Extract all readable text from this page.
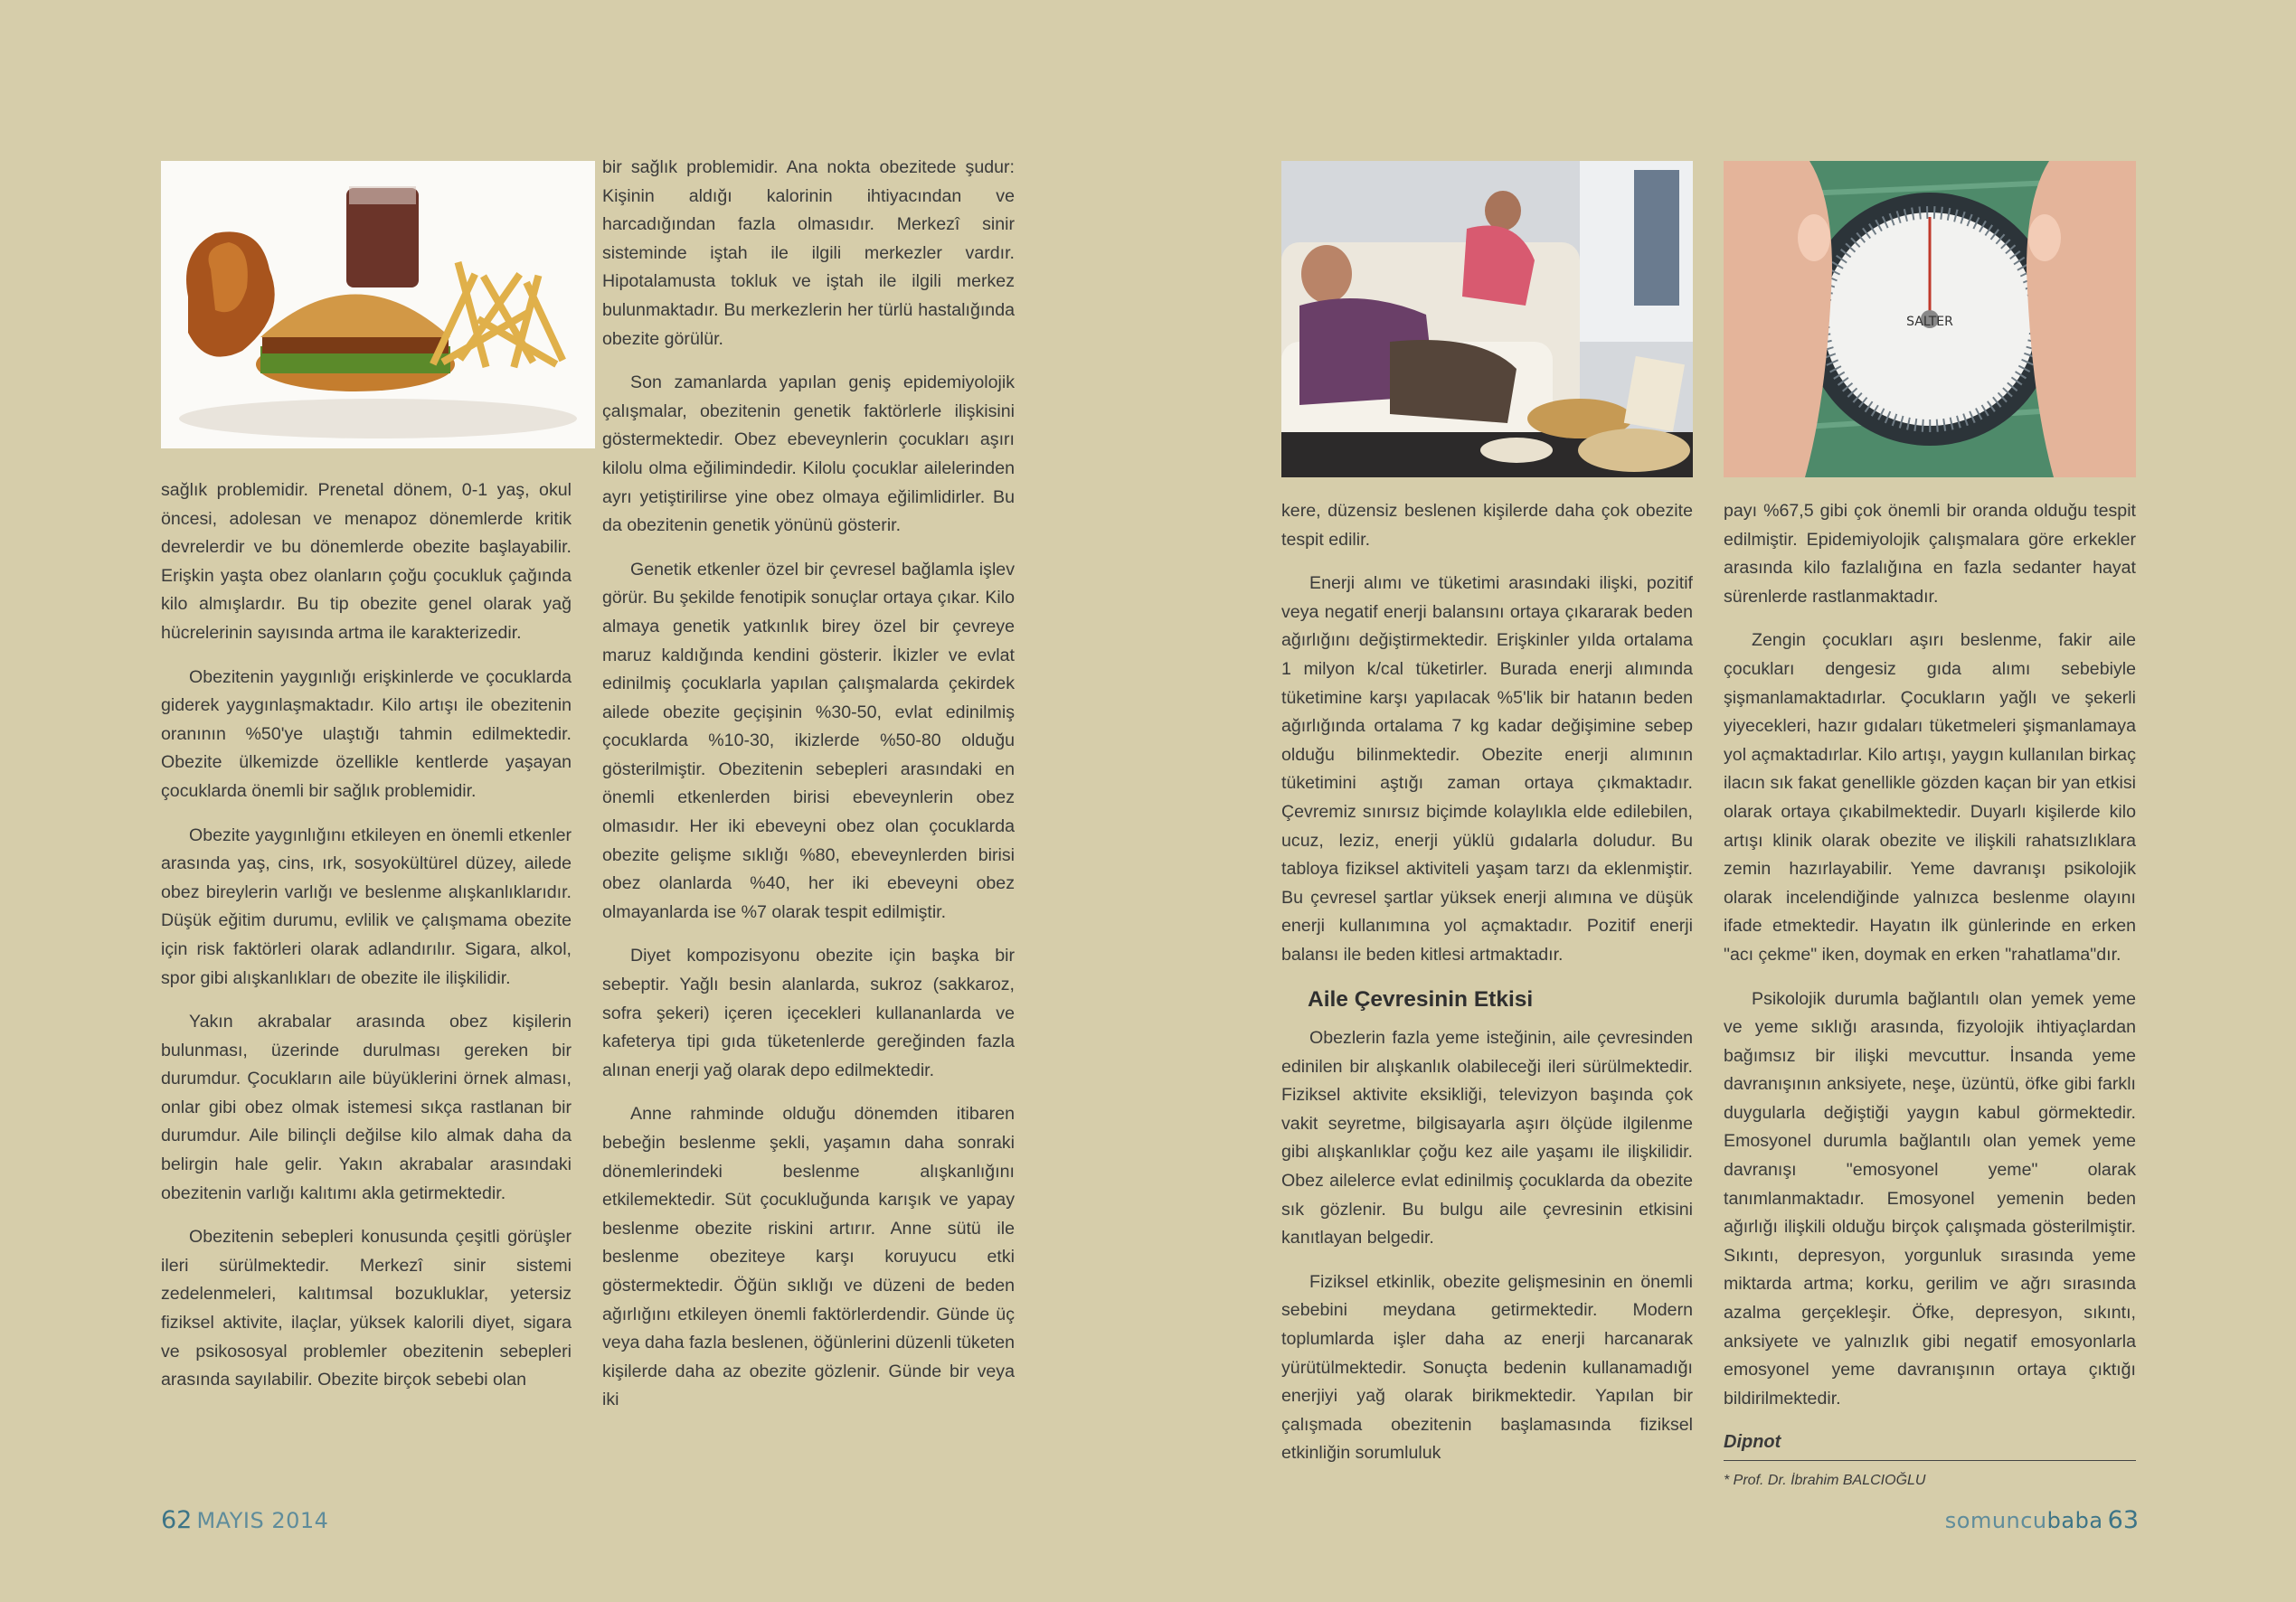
sağlık problemidir. Prenetal dönem, 0-1 yaş, okul öncesi, adolesan ve menapoz dönemlerde kritik devrelerdir ve bu dönemlerde obezite başlayabilir. Erişkin yaşta obez olanların çoğu çocukluk çağında kilo almışlardır. Bu tip obezite genel olarak yağ hücrelerinin sayısında artma ile karakterizedir.

Obezitenin yaygınlığı erişkinlerde ve çocuklarda giderek yaygınlaşmaktadır. Kilo artışı ile obezitenin oranının %50'ye ulaştığı tahmin edilmektedir. Obezite ülkemizde özellikle kentlerde yaşayan çocuklarda önemli bir sağlık problemidir.

Obezite yaygınlığını etkileyen en önemli etkenler arasında yaş, cins, ırk, sosyokültürel düzey, ailede obez bireylerin varlığı ve beslenme alışkanlıklarıdır. Düşük eğitim durumu, evlilik ve çalışmama obezite için risk faktörleri olarak adlandırılır. Sigara, alkol, spor gibi alışkanlıkları de obezite ile ilişkilidir.

Yakın akrabalar arasında obez kişilerin bulunması, üzerinde durulması gereken bir durumdur. Çocukların aile büyüklerini örnek alması, onlar gibi obez olmak istemesi sıkça rastlanan bir durumdur. Aile bilinçli değilse kilo almak daha da belirgin hale gelir. Yakın akrabalar arasındaki obezitenin varlığı kalıtımı akla getirmektedir.

Obezitenin sebepleri konusunda çeşitli görüşler ileri sürülmektedir. Merkezî sinir sistemi zedelenmeleri, kalıtımsal bozukluklar, yetersiz fiziksel aktivite, ilaçlar, yüksek kalorili diyet, sigara ve psikososyal problemler obezitenin sebepleri arasında sayılabilir. Obezite birçok sebebi olan

bir sağlık problemidir. Ana nokta obezitede şudur: Kişinin aldığı kalorinin ihtiyacından ve harcadığından fazla olmasıdır. Merkezî sinir sisteminde iştah ile ilgili merkezler vardır. Hipotalamusta tokluk ve iştah ile ilgili merkez bulunmaktadır. Bu merkezlerin her türlü hastalığında obezite görülür.

Son zamanlarda yapılan geniş epidemiyolojik çalışmalar, obezitenin genetik faktörlerle ilişkisini göstermektedir. Obez ebeveynlerin çocukları aşırı kilolu olma eğilimindedir. Kilolu çocuklar ailelerinden ayrı yetiştirilirse yine obez olmaya eğilimlidirler. Bu da obezitenin genetik yönünü gösterir.

Genetik etkenler özel bir çevresel bağlamla işlev görür. Bu şekilde fenotipik sonuçlar ortaya çıkar. Kilo almaya genetik yatkınlık birey özel bir çevreye maruz kaldığında kendini gösterir. İkizler ve evlat edinilmiş çocuklarla yapılan çalışmalarda çekirdek ailede obezite geçişinin %30-50, evlat edinilmiş çocuklarda %10-30, ikizlerde %50-80 olduğu gösterilmiştir. Obezitenin sebepleri arasındaki en önemli etkenlerden birisi ebeveynlerin obez olmasıdır. Her iki ebeveyni obez olan çocuklarda obezite gelişme sıklığı %80, ebeveynlerden birisi obez olanlarda %40, her iki ebeveyni obez olmayanlarda ise %7 olarak tespit edilmiştir.

Diyet kompozisyonu obezite için başka bir sebeptir. Yağlı besin alanlarda, sukroz (sakkaroz, sofra şekeri) içeren içecekleri kullananlarda ve kafeterya tipi gıda tüketenlerde gereğinden fazla alınan enerji yağ olarak depo edilmektedir.

Anne rahminde olduğu dönemden itibaren bebeğin beslenme şekli, yaşamın daha sonraki dönemlerindeki beslenme alışkanlığını etkilemektedir. Süt çocukluğunda karışık ve yapay beslenme obezite riskini artırır. Anne sütü ile beslenme obeziteye karşı koruyucu etki göstermektedir. Öğün sıklığı ve düzeni de beden ağırlığını etkileyen önemli faktörlerdendir. Günde üç veya daha fazla beslenen, öğünlerini düzenli tüketen kişilerde daha az obezite gözlenir. Günde bir veya iki

62 MAYIS 2014
SALTER

kere, düzensiz beslenen kişilerde daha çok obezite tespit edilir.

Enerji alımı ve tüketimi arasındaki ilişki, pozitif veya negatif enerji balansını ortaya çıkararak beden ağırlığını değiştirmektedir. Erişkinler yılda ortalama 1 milyon k/cal tüketirler. Burada enerji alımında tüketimine karşı yapılacak %5'lik bir hatanın beden ağırlığında ortalama 7 kg kadar değişimine sebep olduğu bilinmektedir. Obezite enerji alımının tüketimini aştığı zaman ortaya çıkmaktadır. Çevremiz sınırsız biçimde kolaylıkla elde edilebilen, ucuz, leziz, enerji yüklü gıdalarla doludur. Bu tabloya fiziksel aktiviteli yaşam tarzı da eklenmiştir. Bu çevresel şartlar yüksek enerji alımına ve düşük enerji kullanımına yol açmaktadır. Pozitif enerji balansı ile beden kitlesi artmaktadır.

Aile Çevresinin Etkisi

Obezlerin fazla yeme isteğinin, aile çevresinden edinilen bir alışkanlık olabileceği ileri sürülmektedir. Fiziksel aktivite eksikliği, televizyon başında çok vakit seyretme, bilgisayarla aşırı ölçüde ilgilenme gibi alışkanlıklar çoğu kez aile yaşamı ile ilişkilidir. Obez ailelerce evlat edinilmiş çocuklarda da obezite sık gözlenir. Bu bulgu aile çevresinin etkisini kanıtlayan belgedir.

Fiziksel etkinlik, obezite gelişmesinin en önemli sebebini meydana getirmektedir. Modern toplumlarda işler daha az enerji harcanarak yürütülmektedir. Sonuçta bedenin kullanamadığı enerjiyi yağ olarak birikmektedir. Yapılan bir çalışmada obezitenin başlamasında fiziksel etkinliğin sorumluluk

payı %67,5 gibi çok önemli bir oranda olduğu tespit edilmiştir. Epidemiyolojik çalışmalara göre erkekler arasında kilo fazlalığına en fazla sedanter hayat sürenlerde rastlanmaktadır.

Zengin çocukları aşırı beslenme, fakir aile çocukları dengesiz gıda alımı sebebiyle şişmanlamaktadırlar. Çocukların yağlı ve şekerli yiyecekleri, hazır gıdaları tüketmeleri şişmanlamaya yol açmaktadırlar. Kilo artışı, yaygın kullanılan birkaç ilacın sık fakat genellikle gözden kaçan bir yan etkisi olarak ortaya çıkabilmektedir. Duyarlı kişilerde kilo artışı klinik olarak obezite ve ilişkili rahatsızlıklara zemin hazırlayabilir. Yeme davranışı psikolojik olarak incelendiğinde yalnızca beslenme olayını ifade etmektedir. Hayatın ilk günlerinde en erken "acı çekme" iken, doymak en erken "rahatlama"dır.

Psikolojik durumla bağlantılı olan yemek yeme ve yeme sıklığı arasında, fizyolojik ihtiyaçlardan bağımsız bir ilişki mevcuttur. İnsanda yeme davranışının anksiyete, neşe, üzüntü, öfke gibi farklı duygularla değiştiği yaygın kabul görmektedir. Emosyonel durumla bağlantılı olan yemek yeme davranışı "emosyonel yeme" olarak tanımlanmaktadır. Emosyonel yemenin beden ağırlığı ilişkili olduğu birçok çalışmada gösterilmiştir. Sıkıntı, depresyon, yorgunluk sırasında yeme miktarda artma; korku, gerilim ve ağrı sırasında azalma gerçekleşir. Öfke, depresyon, sıkıntı, anksiyete ve yalnızlık gibi negatif emosyonlarla emosyonel yeme davranışının ortaya çıktığı bildirilmektedir.

Dipnot
* Prof. Dr. İbrahim BALCIOĞLU
somuncubaba 63
